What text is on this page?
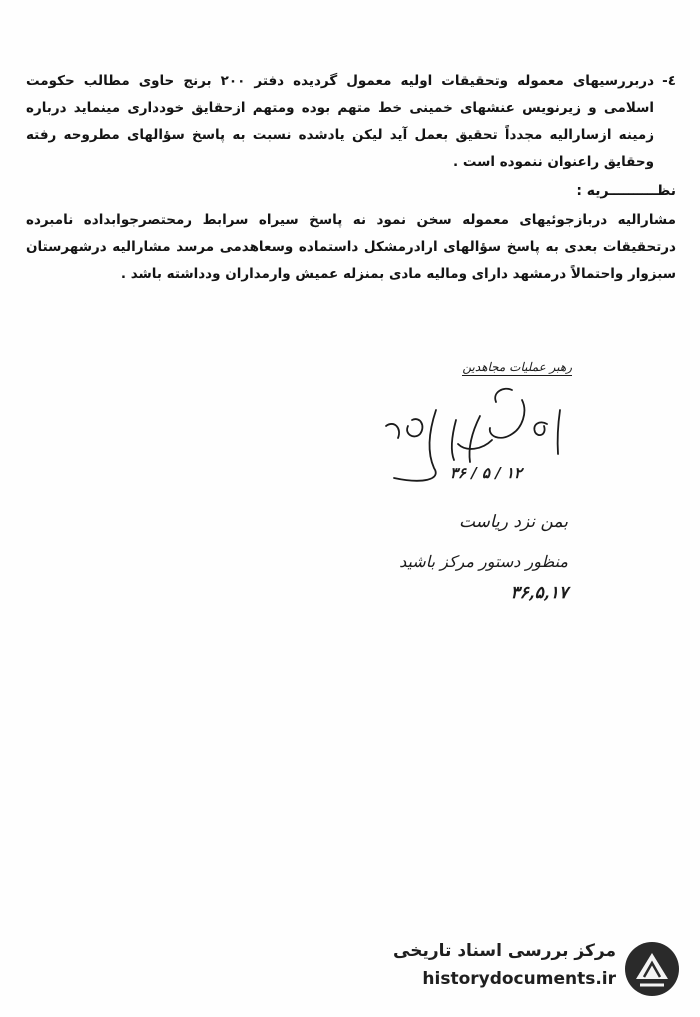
٤-
دربررسیهای معموله وتحقیقات اولیه معمول گردیده دفتر ۲۰۰ برنج حاوی مطالب حکومت اسلامی و زیرنویس عنشهای خمینی خط متهم بوده ومتهم ازحقایق خودداری مینماید درباره زمینه ازسارالیه مجدداً تحقیق بعمل آید لیکن یادشده نسبت به پاسخ سؤالهای مطروحه رفته وحقایق راعنوان ننموده است .

نظــــــــــریه :

مشارالیه دربازجوئیهای معموله سخن نمود نه پاسخ سیراه سرابط رمحتصرجوابداده نامبرده درتحقیقات بعدی به پاسخ سؤالهای ارادرمشکل داستماده وسعاهدمی مرسد مشارالیه درشهرستان سبزوار واحتمالاً درمشهد دارای ومالیه مادی بمنزله عمیش وارمداران ودداشته باشد .

رهبر عملیات مجاهدین
۱۲ / ۵ / ۳۶
بمن نزد ریاست
منظور دستور مرکز باشید
۳۶,۵,۱۷
مرکز بررسی اسناد تاریخی
historydocuments.ir
